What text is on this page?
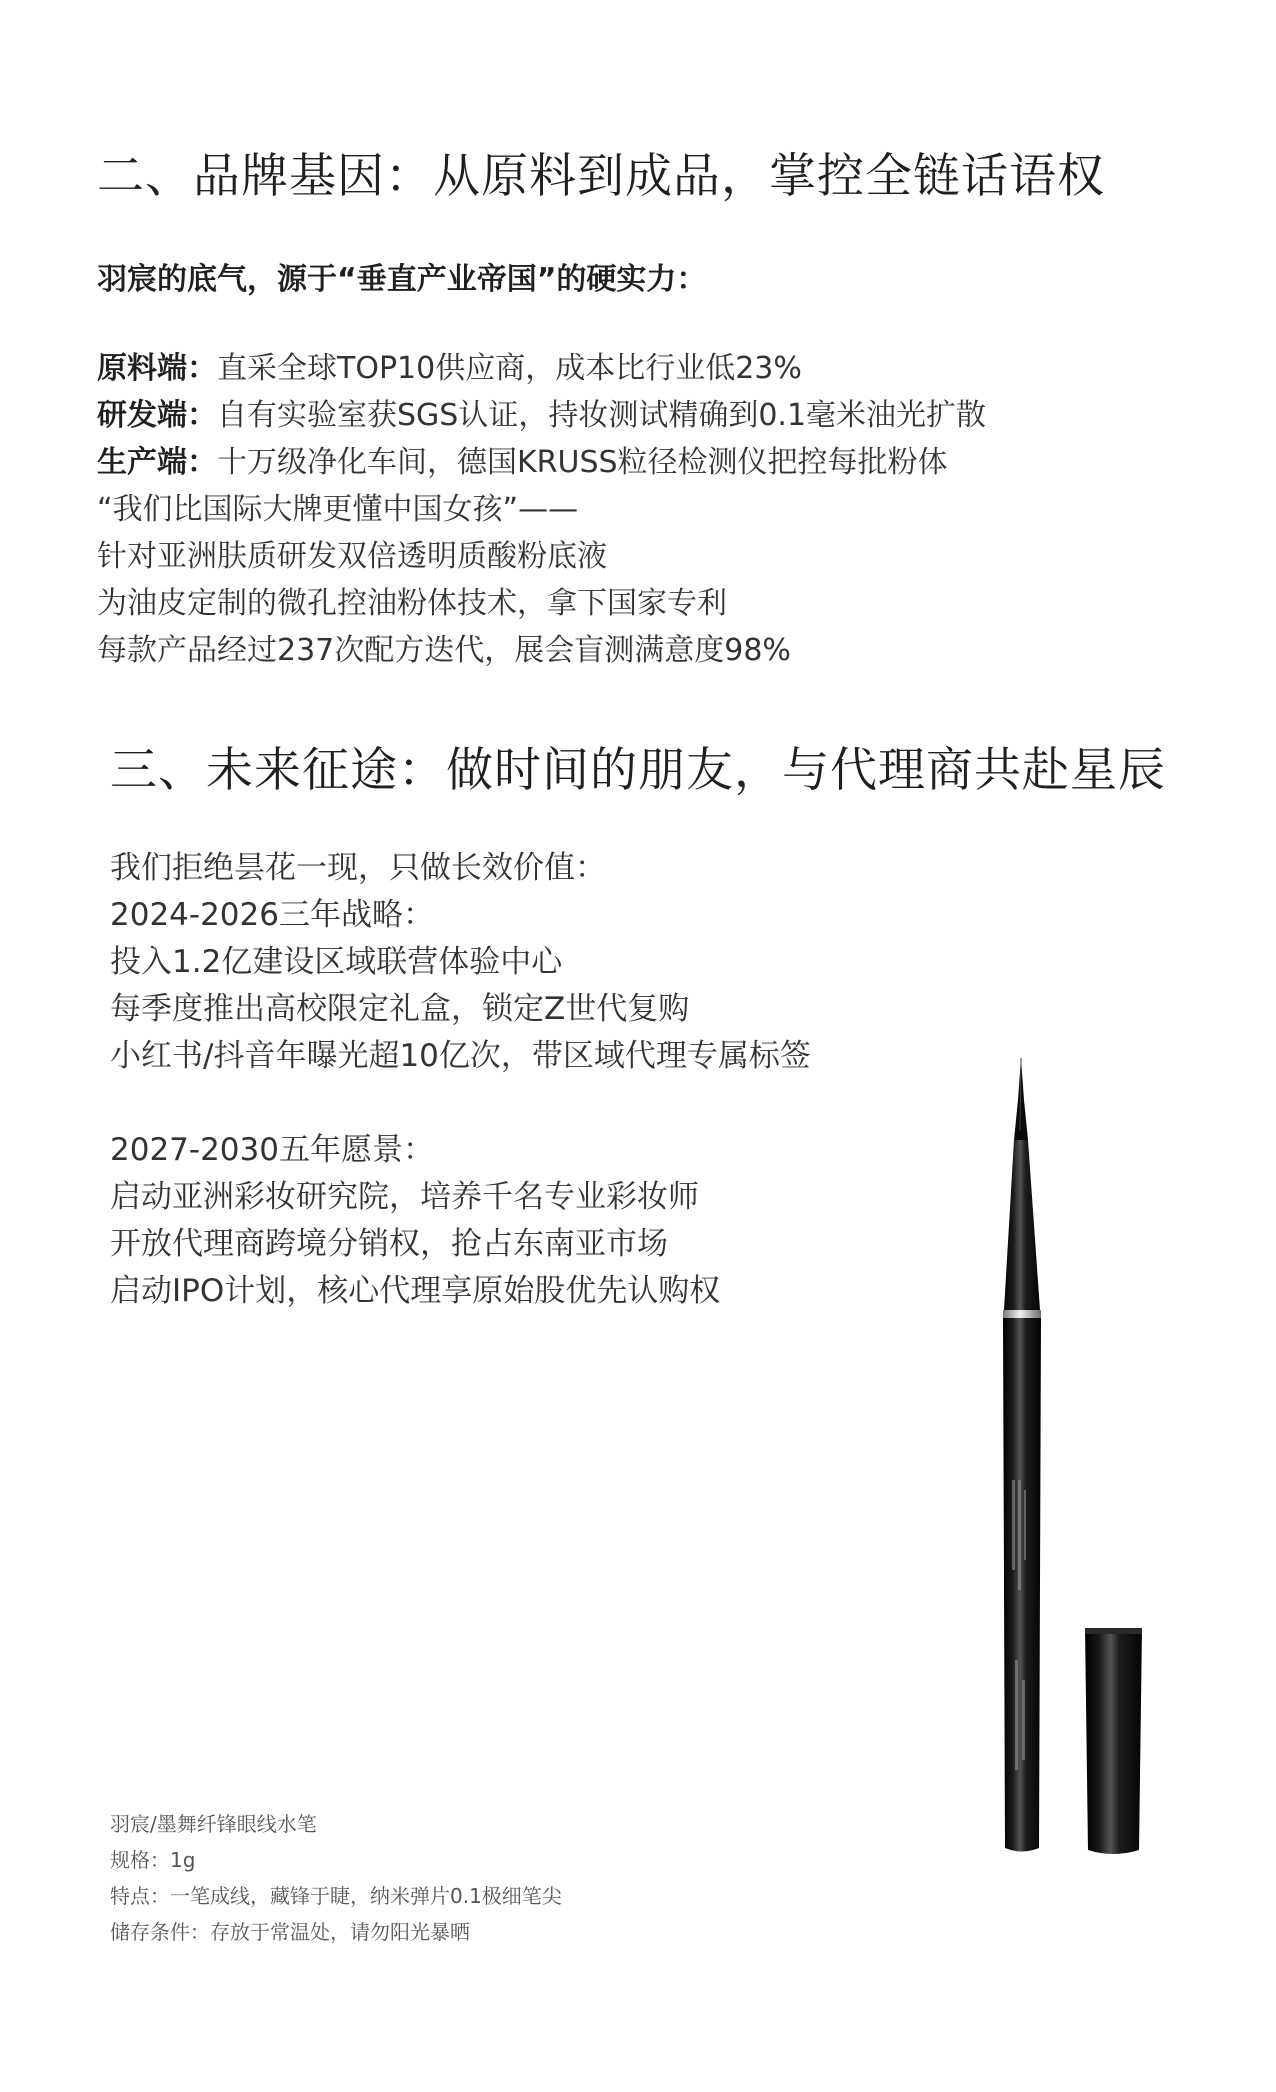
二、品牌基因：从原料到成品，掌控全链话语权
羽宸的底气，源于“垂直产业帝国”的硬实力：
原料端：直采全球TOP10供应商，成本比行业低23%
研发端：自有实验室获SGS认证，持妆测试精确到0.1毫米油光扩散
生产端：十万级净化车间，德国KRUSS粒径检测仪把控每批粉体
“我们比国际大牌更懂中国女孩”——
针对亚洲肤质研发双倍透明质酸粉底液
为油皮定制的微孔控油粉体技术，拿下国家专利
每款产品经过237次配方迭代，展会盲测满意度98%
三、未来征途：做时间的朋友，与代理商共赴星辰
我们拒绝昙花一现，只做长效价值：
2024-2026三年战略：
投入1.2亿建设区域联营体验中心
每季度推出高校限定礼盒，锁定Z世代复购
小红书/抖音年曝光超10亿次，带区域代理专属标签
2027-2030五年愿景：
启动亚洲彩妆研究院，培养千名专业彩妆师
开放代理商跨境分销权，抢占东南亚市场
启动IPO计划，核心代理享原始股优先认购权
羽宸/墨舞纤锋眼线水笔
规格：1g
特点：一笔成线，藏锋于睫，纳米弹片0.1极细笔尖
储存条件：存放于常温处，请勿阳光暴晒
